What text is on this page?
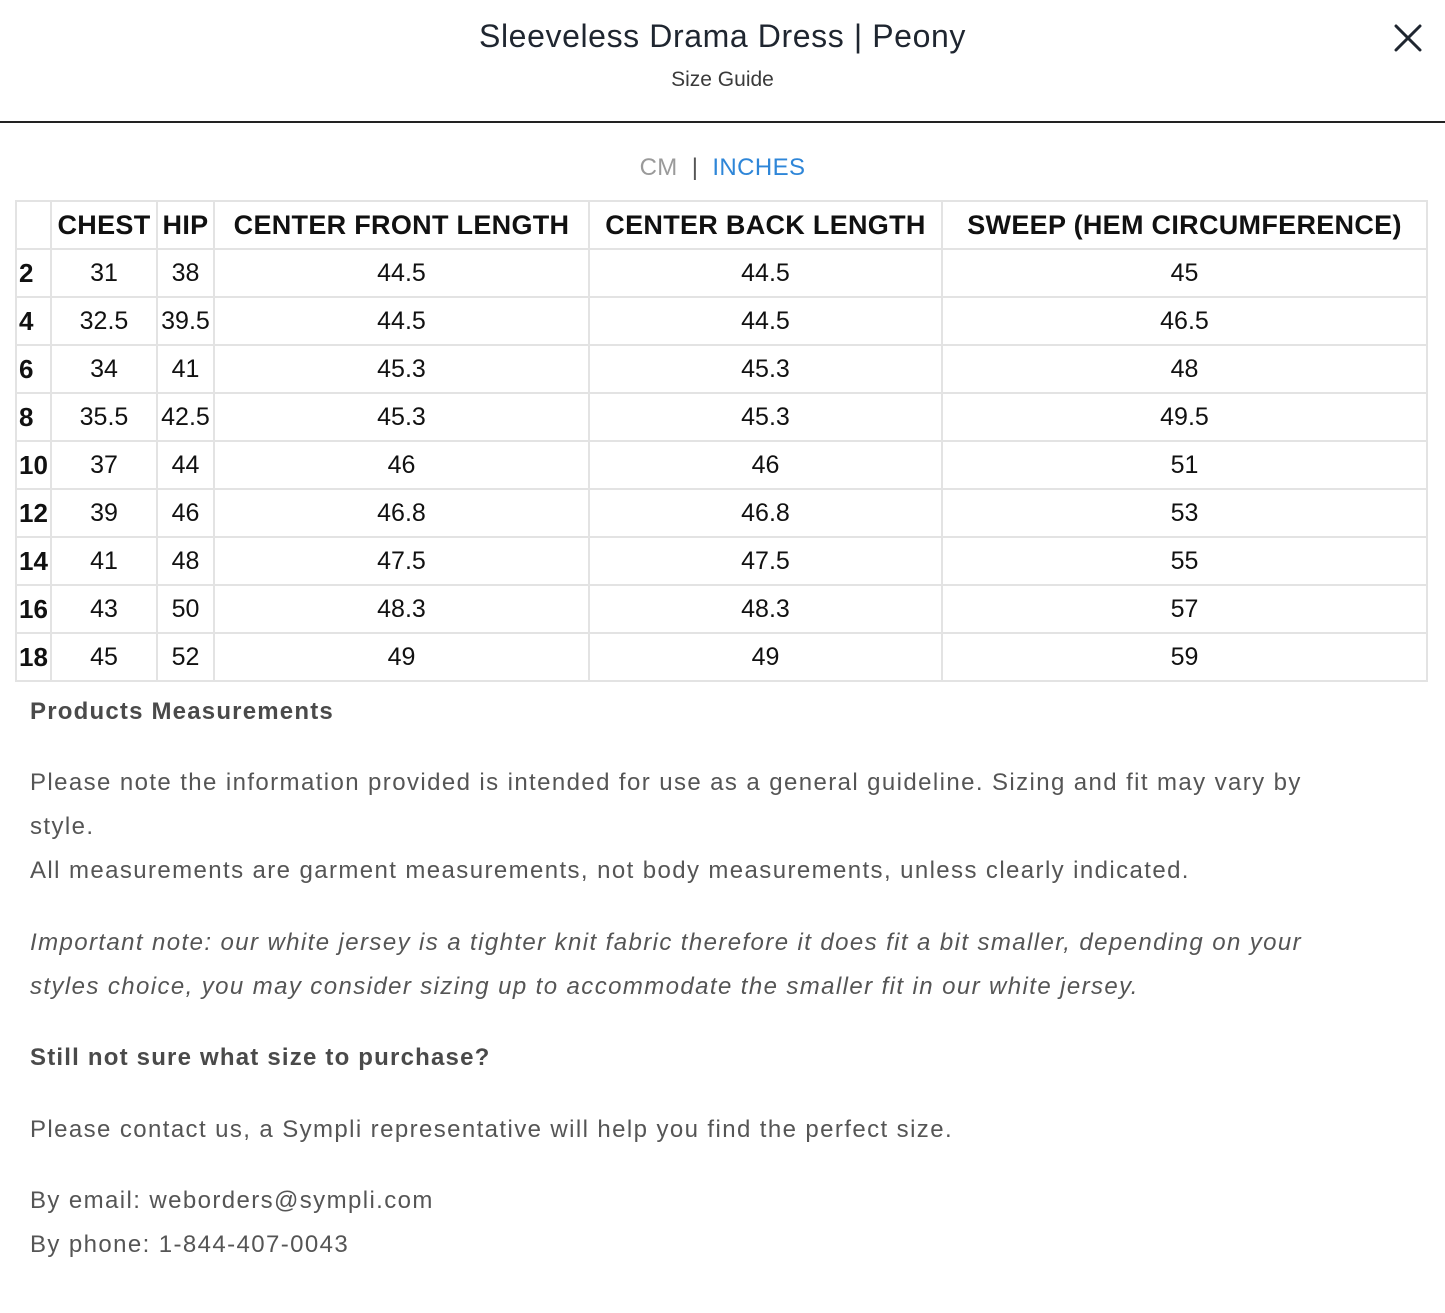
Sleeveless Drama Dress | Peony
Size Guide
CM | INCHES
	CHEST	HIP	CENTER FRONT LENGTH	CENTER BACK LENGTH	SWEEP (HEM CIRCUMFERENCE)
2	31	38	44.5	44.5	45
4	32.5	39.5	44.5	44.5	46.5
6	34	41	45.3	45.3	48
8	35.5	42.5	45.3	45.3	49.5
10	37	44	46	46	51
12	39	46	46.8	46.8	53
14	41	48	47.5	47.5	55
16	43	50	48.3	48.3	57
18	45	52	49	49	59
Products Measurements
Please note the information provided is intended for use as a general guideline. Sizing and fit may vary by
style.
All measurements are garment measurements, not body measurements, unless clearly indicated.
Important note: our white jersey is a tighter knit fabric therefore it does fit a bit smaller, depending on your
styles choice, you may consider sizing up to accommodate the smaller fit in our white jersey.
Still not sure what size to purchase?
Please contact us, a Sympli representative will help you find the perfect size.
By email: weborders@sympli.com
By phone: 1-844-407-0043
